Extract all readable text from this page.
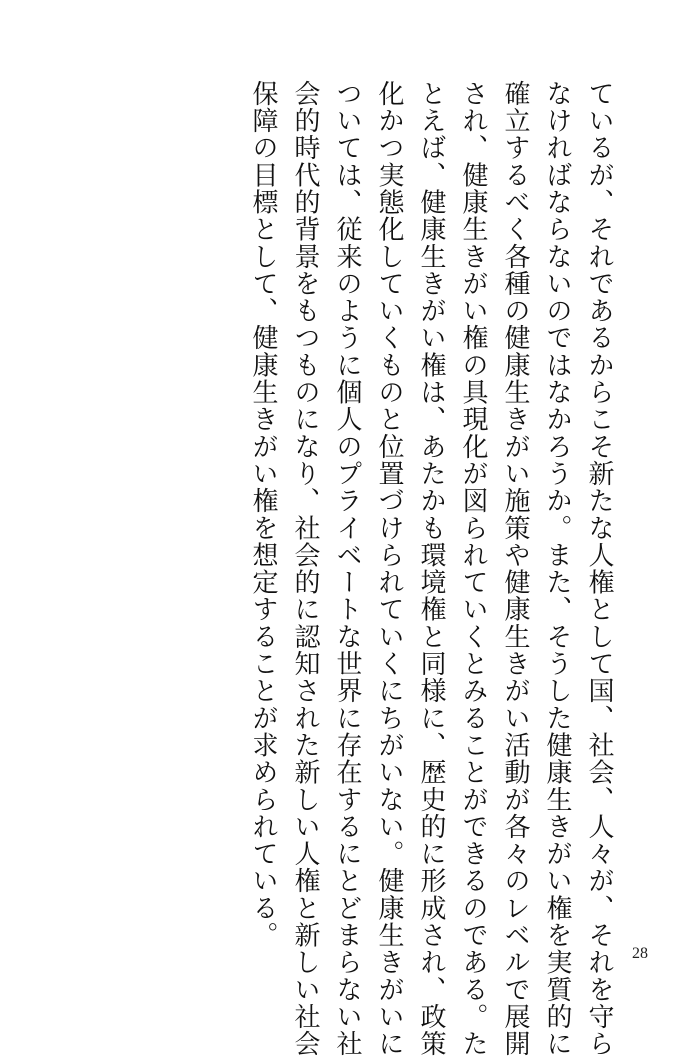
ているが、それであるからこそ新たな人権として国、社会、人々が、それを守ら
なければならないのではなかろうか。また、そうした健康生きがい権を実質的に
確立するべく各種の健康生きがい施策や健康生きがい活動が各々のレベルで展開
され、健康生きがい権の具現化が図られていくとみることができるのである。た
とえば、健康生きがい権は、あたかも環境権と同様に、歴史的に形成され、政策
化かつ実態化していくものと位置づけられていくにちがいない。健康生きがいに
ついては、従来のように個人のプライベートな世界に存在するにとどまらない社
会的時代的背景をもつものになり、社会的に認知された新しい人権と新しい社会
保障の目標として、健康生きがい権を想定することが求められている。
28
